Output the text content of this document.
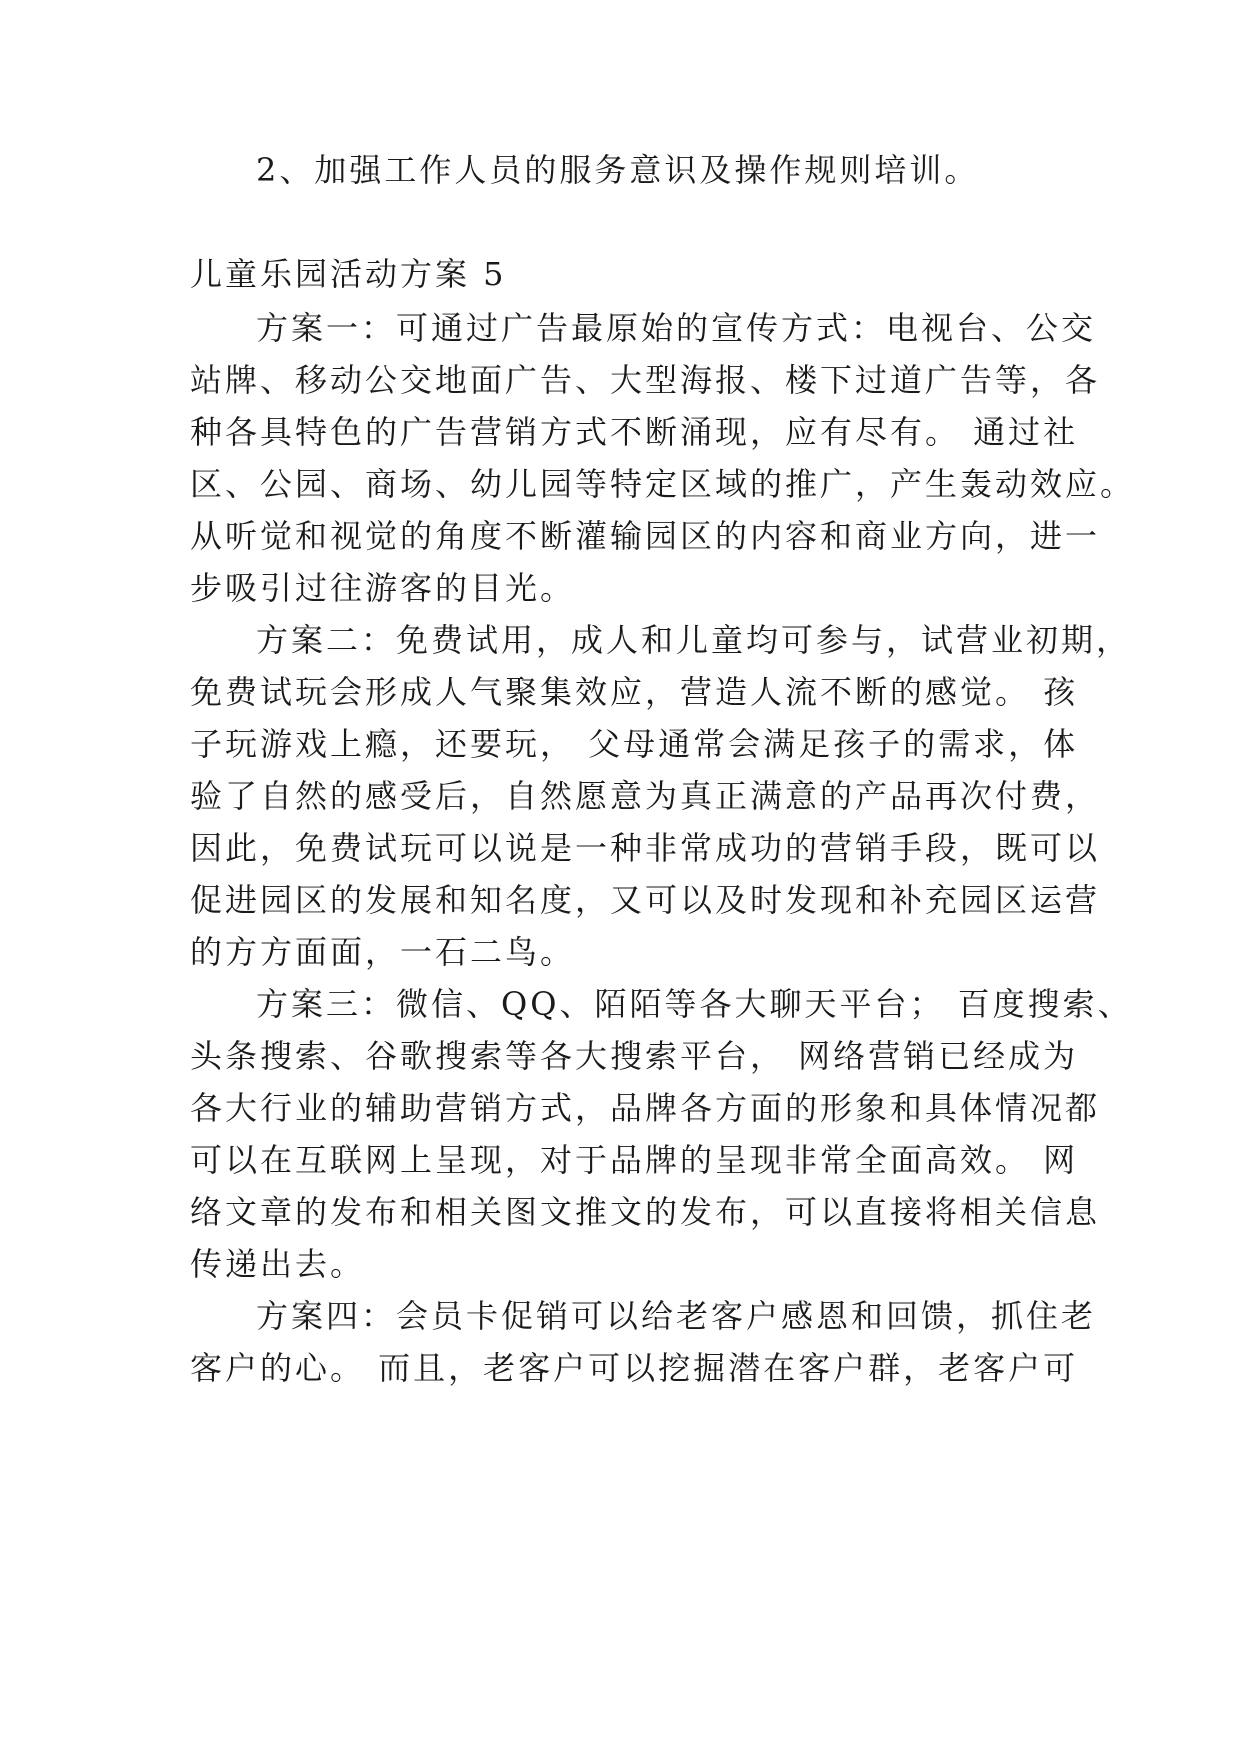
2、加强工作人员的服务意识及操作规则培训。
儿童乐园活动方案 5
方案一：可通过广告最原始的宣传方式：电视台、公交
站牌、移动公交地面广告、大型海报、楼下过道广告等，各
种各具特色的广告营销方式不断涌现，应有尽有。 通过社
区、公园、商场、幼儿园等特定区域的推广，产生轰动效应。
从听觉和视觉的角度不断灌输园区的内容和商业方向，进一
步吸引过往游客的目光。
方案二：免费试用，成人和儿童均可参与，试营业初期，
免费试玩会形成人气聚集效应，营造人流不断的感觉。 孩
子玩游戏上瘾，还要玩， 父母通常会满足孩子的需求，体
验了自然的感受后，自然愿意为真正满意的产品再次付费，
因此，免费试玩可以说是一种非常成功的营销手段，既可以
促进园区的发展和知名度，又可以及时发现和补充园区运营
的方方面面，一石二鸟。
方案三：微信、QQ、陌陌等各大聊天平台； 百度搜索、
头条搜索、谷歌搜索等各大搜索平台， 网络营销已经成为
各大行业的辅助营销方式，品牌各方面的形象和具体情况都
可以在互联网上呈现，对于品牌的呈现非常全面高效。 网
络文章的发布和相关图文推文的发布，可以直接将相关信息
传递出去。
方案四：会员卡促销可以给老客户感恩和回馈，抓住老
客户的心。 而且，老客户可以挖掘潜在客户群，老客户可
